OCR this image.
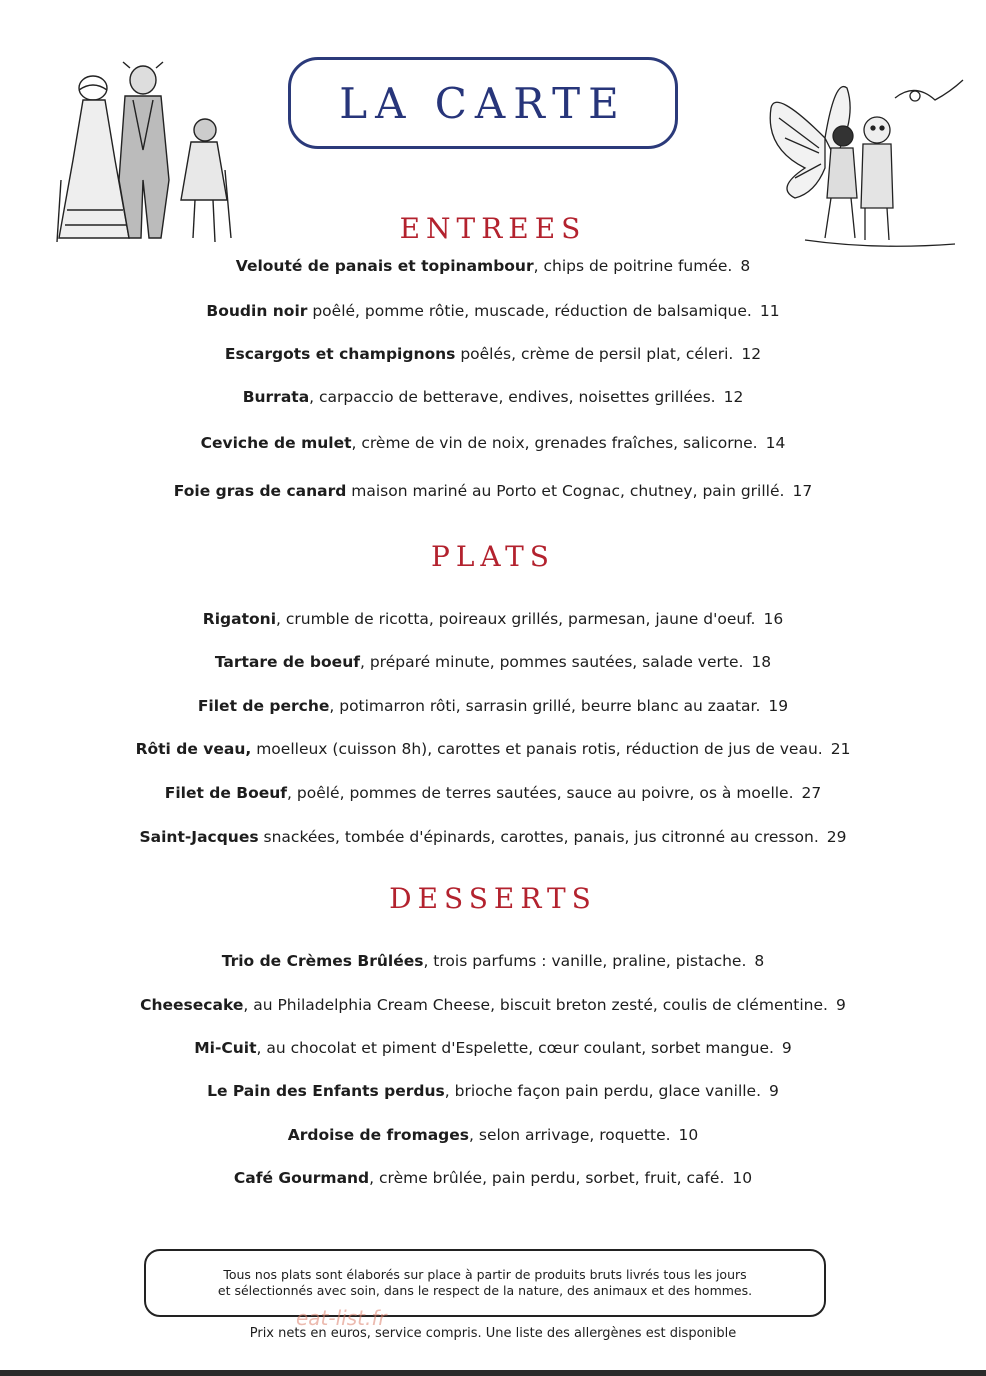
LA CARTE
ENTREES
Velouté de panais et topinambour, chips de poitrine fumée. 8
Boudin noir poêlé, pomme rôtie, muscade, réduction de balsamique. 11
Escargots et champignons poêlés, crème de persil plat, céleri. 12
Burrata, carpaccio de betterave, endives, noisettes grillées. 12
Ceviche de mulet, crème de vin de noix, grenades fraîches, salicorne. 14
Foie gras de canard maison mariné au Porto et Cognac, chutney, pain grillé. 17
PLATS
Rigatoni, crumble de ricotta, poireaux grillés, parmesan, jaune d'oeuf. 16
Tartare de boeuf, préparé minute, pommes sautées, salade verte. 18
Filet de perche, potimarron rôti, sarrasin grillé, beurre blanc au zaatar. 19
Rôti de veau, moelleux (cuisson 8h), carottes et panais rotis, réduction de jus de veau. 21
Filet de Boeuf, poêlé, pommes de terres sautées, sauce au poivre, os à moelle. 27
Saint-Jacques snackées, tombée d'épinards, carottes, panais, jus citronné au cresson. 29
DESSERTS
Trio de Crèmes Brûlées, trois parfums : vanille, praline, pistache. 8
Cheesecake, au Philadelphia Cream Cheese, biscuit breton zesté, coulis de clémentine. 9
Mi-Cuit, au chocolat et piment d'Espelette, cœur coulant, sorbet mangue. 9
Le Pain des Enfants perdus, brioche façon pain perdu, glace vanille. 9
Ardoise de fromages, selon arrivage, roquette. 10
Café Gourmand, crème brûlée, pain perdu, sorbet, fruit, café. 10
Tous nos plats sont élaborés sur place à partir de produits bruts livrés tous les jours
et sélectionnés avec soin, dans le respect de la nature, des animaux et des hommes.
eat-list.fr
Prix nets en euros, service compris. Une liste des allergènes est disponible
